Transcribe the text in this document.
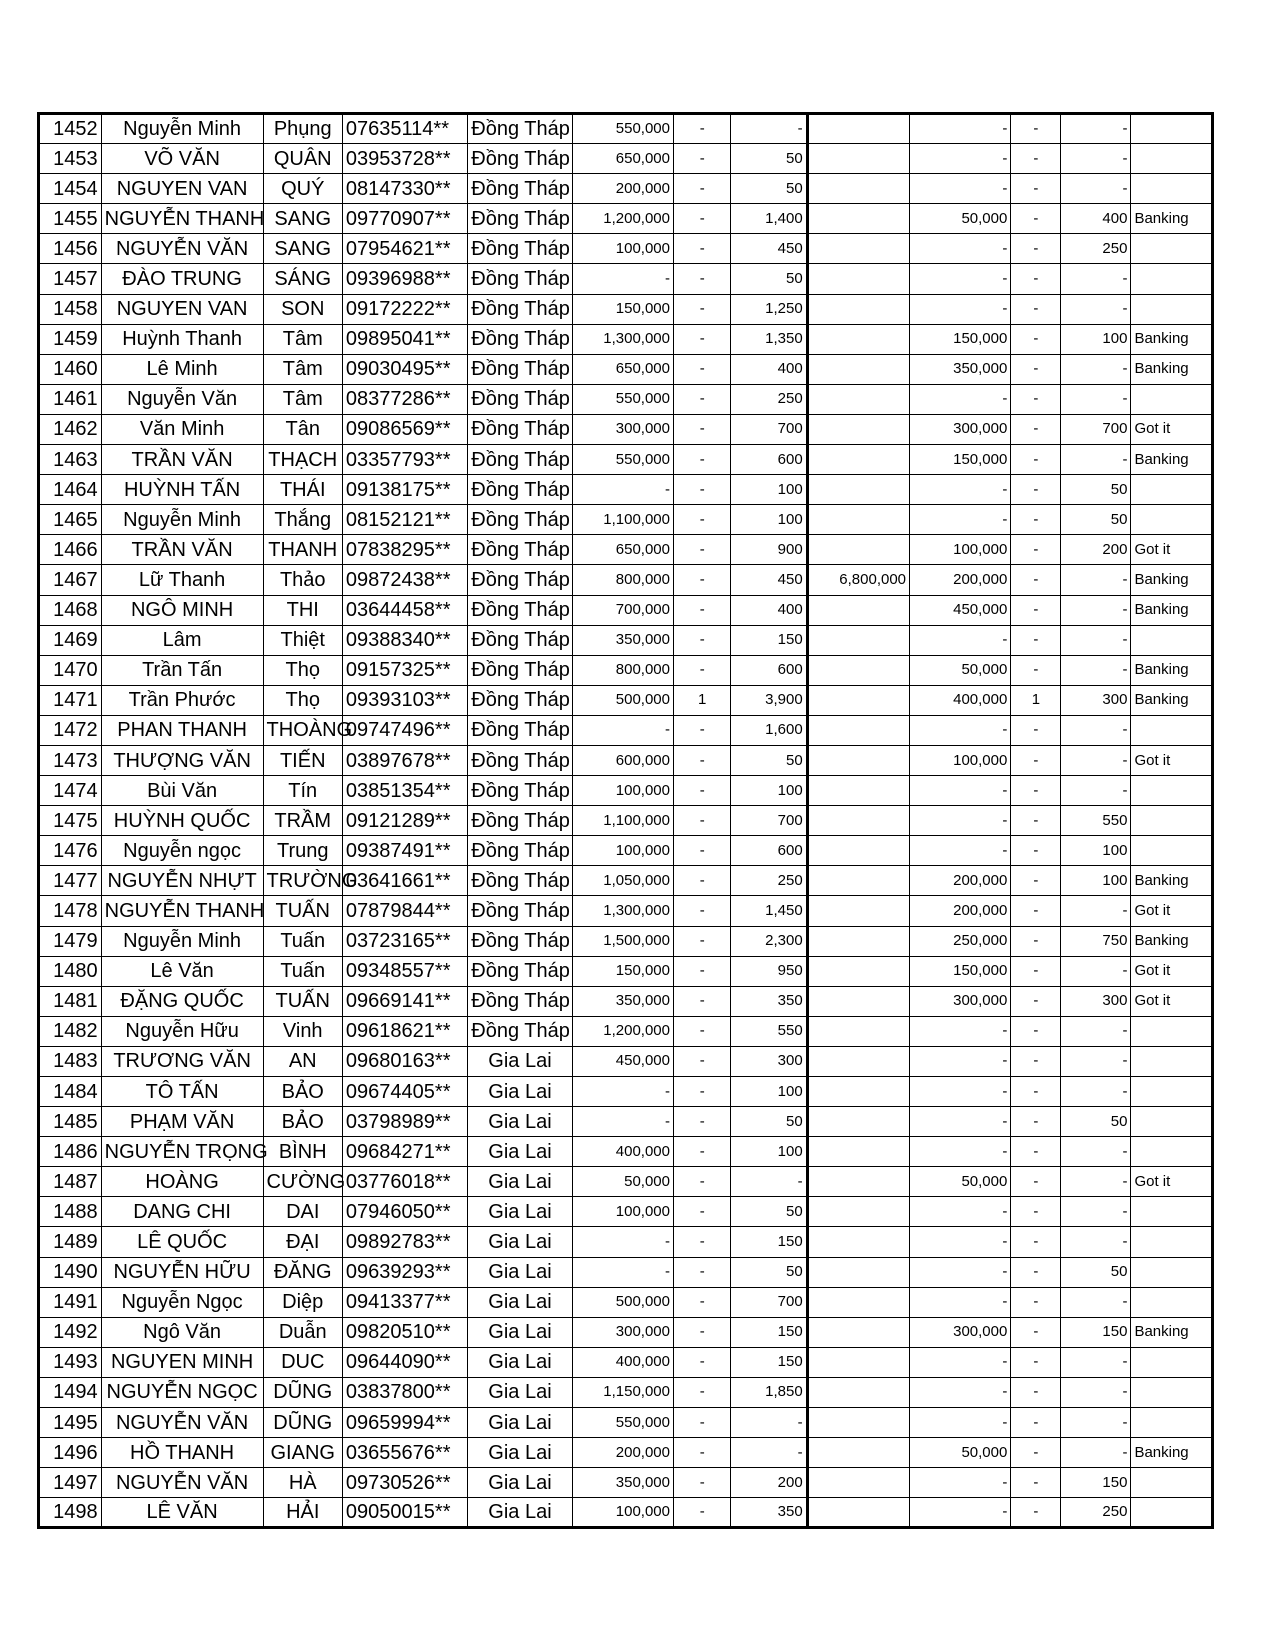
1452	Nguyễn Minh	Phụng	07635114**	Đồng Tháp	550,000	-	-		-	-	-	
1453	VÕ VĂN	QUÂN	03953728**	Đồng Tháp	650,000	-	50		-	-	-	
1454	NGUYEN VAN	QUÝ	08147330**	Đồng Tháp	200,000	-	50		-	-	-	
1455	NGUYỄN THANH	SANG	09770907**	Đồng Tháp	1,200,000	-	1,400		50,000	-	400	Banking
1456	NGUYỄN VĂN	SANG	07954621**	Đồng Tháp	100,000	-	450		-	-	250	
1457	ĐÀO TRUNG	SÁNG	09396988**	Đồng Tháp	-	-	50		-	-	-	
1458	NGUYEN VAN	SON	09172222**	Đồng Tháp	150,000	-	1,250		-	-	-	
1459	Huỳnh Thanh	Tâm	09895041**	Đồng Tháp	1,300,000	-	1,350		150,000	-	100	Banking
1460	Lê Minh	Tâm	09030495**	Đồng Tháp	650,000	-	400		350,000	-	-	Banking
1461	Nguyễn Văn	Tâm	08377286**	Đồng Tháp	550,000	-	250		-	-	-	
1462	Văn Minh	Tân	09086569**	Đồng Tháp	300,000	-	700		300,000	-	700	Got it
1463	TRẦN VĂN	THẠCH	03357793**	Đồng Tháp	550,000	-	600		150,000	-	-	Banking
1464	HUỲNH TẤN	THÁI	09138175**	Đồng Tháp	-	-	100		-	-	50	
1465	Nguyễn Minh	Thắng	08152121**	Đồng Tháp	1,100,000	-	100		-	-	50	
1466	TRẦN VĂN	THANH	07838295**	Đồng Tháp	650,000	-	900		100,000	-	200	Got it
1467	Lữ Thanh	Thảo	09872438**	Đồng Tháp	800,000	-	450	6,800,000	200,000	-	-	Banking
1468	NGÔ MINH	THI	03644458**	Đồng Tháp	700,000	-	400		450,000	-	-	Banking
1469	Lâm	Thiệt	09388340**	Đồng Tháp	350,000	-	150		-	-	-	
1470	Trần Tấn	Thọ	09157325**	Đồng Tháp	800,000	-	600		50,000	-	-	Banking
1471	Trần Phước	Thọ	09393103**	Đồng Tháp	500,000	1	3,900		400,000	1	300	Banking
1472	PHAN THANH	THOÀNG	09747496**	Đồng Tháp	-	-	1,600		-	-	-	
1473	THƯỢNG VĂN	TIẾN	03897678**	Đồng Tháp	600,000	-	50		100,000	-	-	Got it
1474	Bùi Văn	Tín	03851354**	Đồng Tháp	100,000	-	100		-	-	-	
1475	HUỲNH QUỐC	TRẦM	09121289**	Đồng Tháp	1,100,000	-	700		-	-	550	
1476	Nguyễn ngọc	Trung	09387491**	Đồng Tháp	100,000	-	600		-	-	100	
1477	NGUYỄN NHỰT	TRƯỜNG	03641661**	Đồng Tháp	1,050,000	-	250		200,000	-	100	Banking
1478	NGUYỄN THANH	TUẤN	07879844**	Đồng Tháp	1,300,000	-	1,450		200,000	-	-	Got it
1479	Nguyễn Minh	Tuấn	03723165**	Đồng Tháp	1,500,000	-	2,300		250,000	-	750	Banking
1480	Lê Văn	Tuấn	09348557**	Đồng Tháp	150,000	-	950		150,000	-	-	Got it
1481	ĐẶNG QUỐC	TUẤN	09669141**	Đồng Tháp	350,000	-	350		300,000	-	300	Got it
1482	Nguyễn Hữu	Vinh	09618621**	Đồng Tháp	1,200,000	-	550		-	-	-	
1483	TRƯƠNG VĂN	AN	09680163**	Gia Lai	450,000	-	300		-	-	-	
1484	TÔ TẤN	BẢO	09674405**	Gia Lai	-	-	100		-	-	-	
1485	PHẠM VĂN	BẢO	03798989**	Gia Lai	-	-	50		-	-	50	
1486	NGUYỄN TRỌNG	BÌNH	09684271**	Gia Lai	400,000	-	100		-	-	-	
1487	HOÀNG	CƯỜNG	03776018**	Gia Lai	50,000	-	-		50,000	-	-	Got it
1488	DANG CHI	DAI	07946050**	Gia Lai	100,000	-	50		-	-	-	
1489	LÊ QUỐC	ĐẠI	09892783**	Gia Lai	-	-	150		-	-	-	
1490	NGUYỄN HỮU	ĐĂNG	09639293**	Gia Lai	-	-	50		-	-	50	
1491	Nguyễn Ngọc	Diệp	09413377**	Gia Lai	500,000	-	700		-	-	-	
1492	Ngô Văn	Duẫn	09820510**	Gia Lai	300,000	-	150		300,000	-	150	Banking
1493	NGUYEN MINH	DUC	09644090**	Gia Lai	400,000	-	150		-	-	-	
1494	NGUYỄN NGỌC	DŨNG	03837800**	Gia Lai	1,150,000	-	1,850		-	-	-	
1495	NGUYỄN VĂN	DŨNG	09659994**	Gia Lai	550,000	-	-		-	-	-	
1496	HỒ THANH	GIANG	03655676**	Gia Lai	200,000	-	-		50,000	-	-	Banking
1497	NGUYỄN VĂN	HÀ	09730526**	Gia Lai	350,000	-	200		-	-	150	
1498	LÊ VĂN	HẢI	09050015**	Gia Lai	100,000	-	350		-	-	250	
